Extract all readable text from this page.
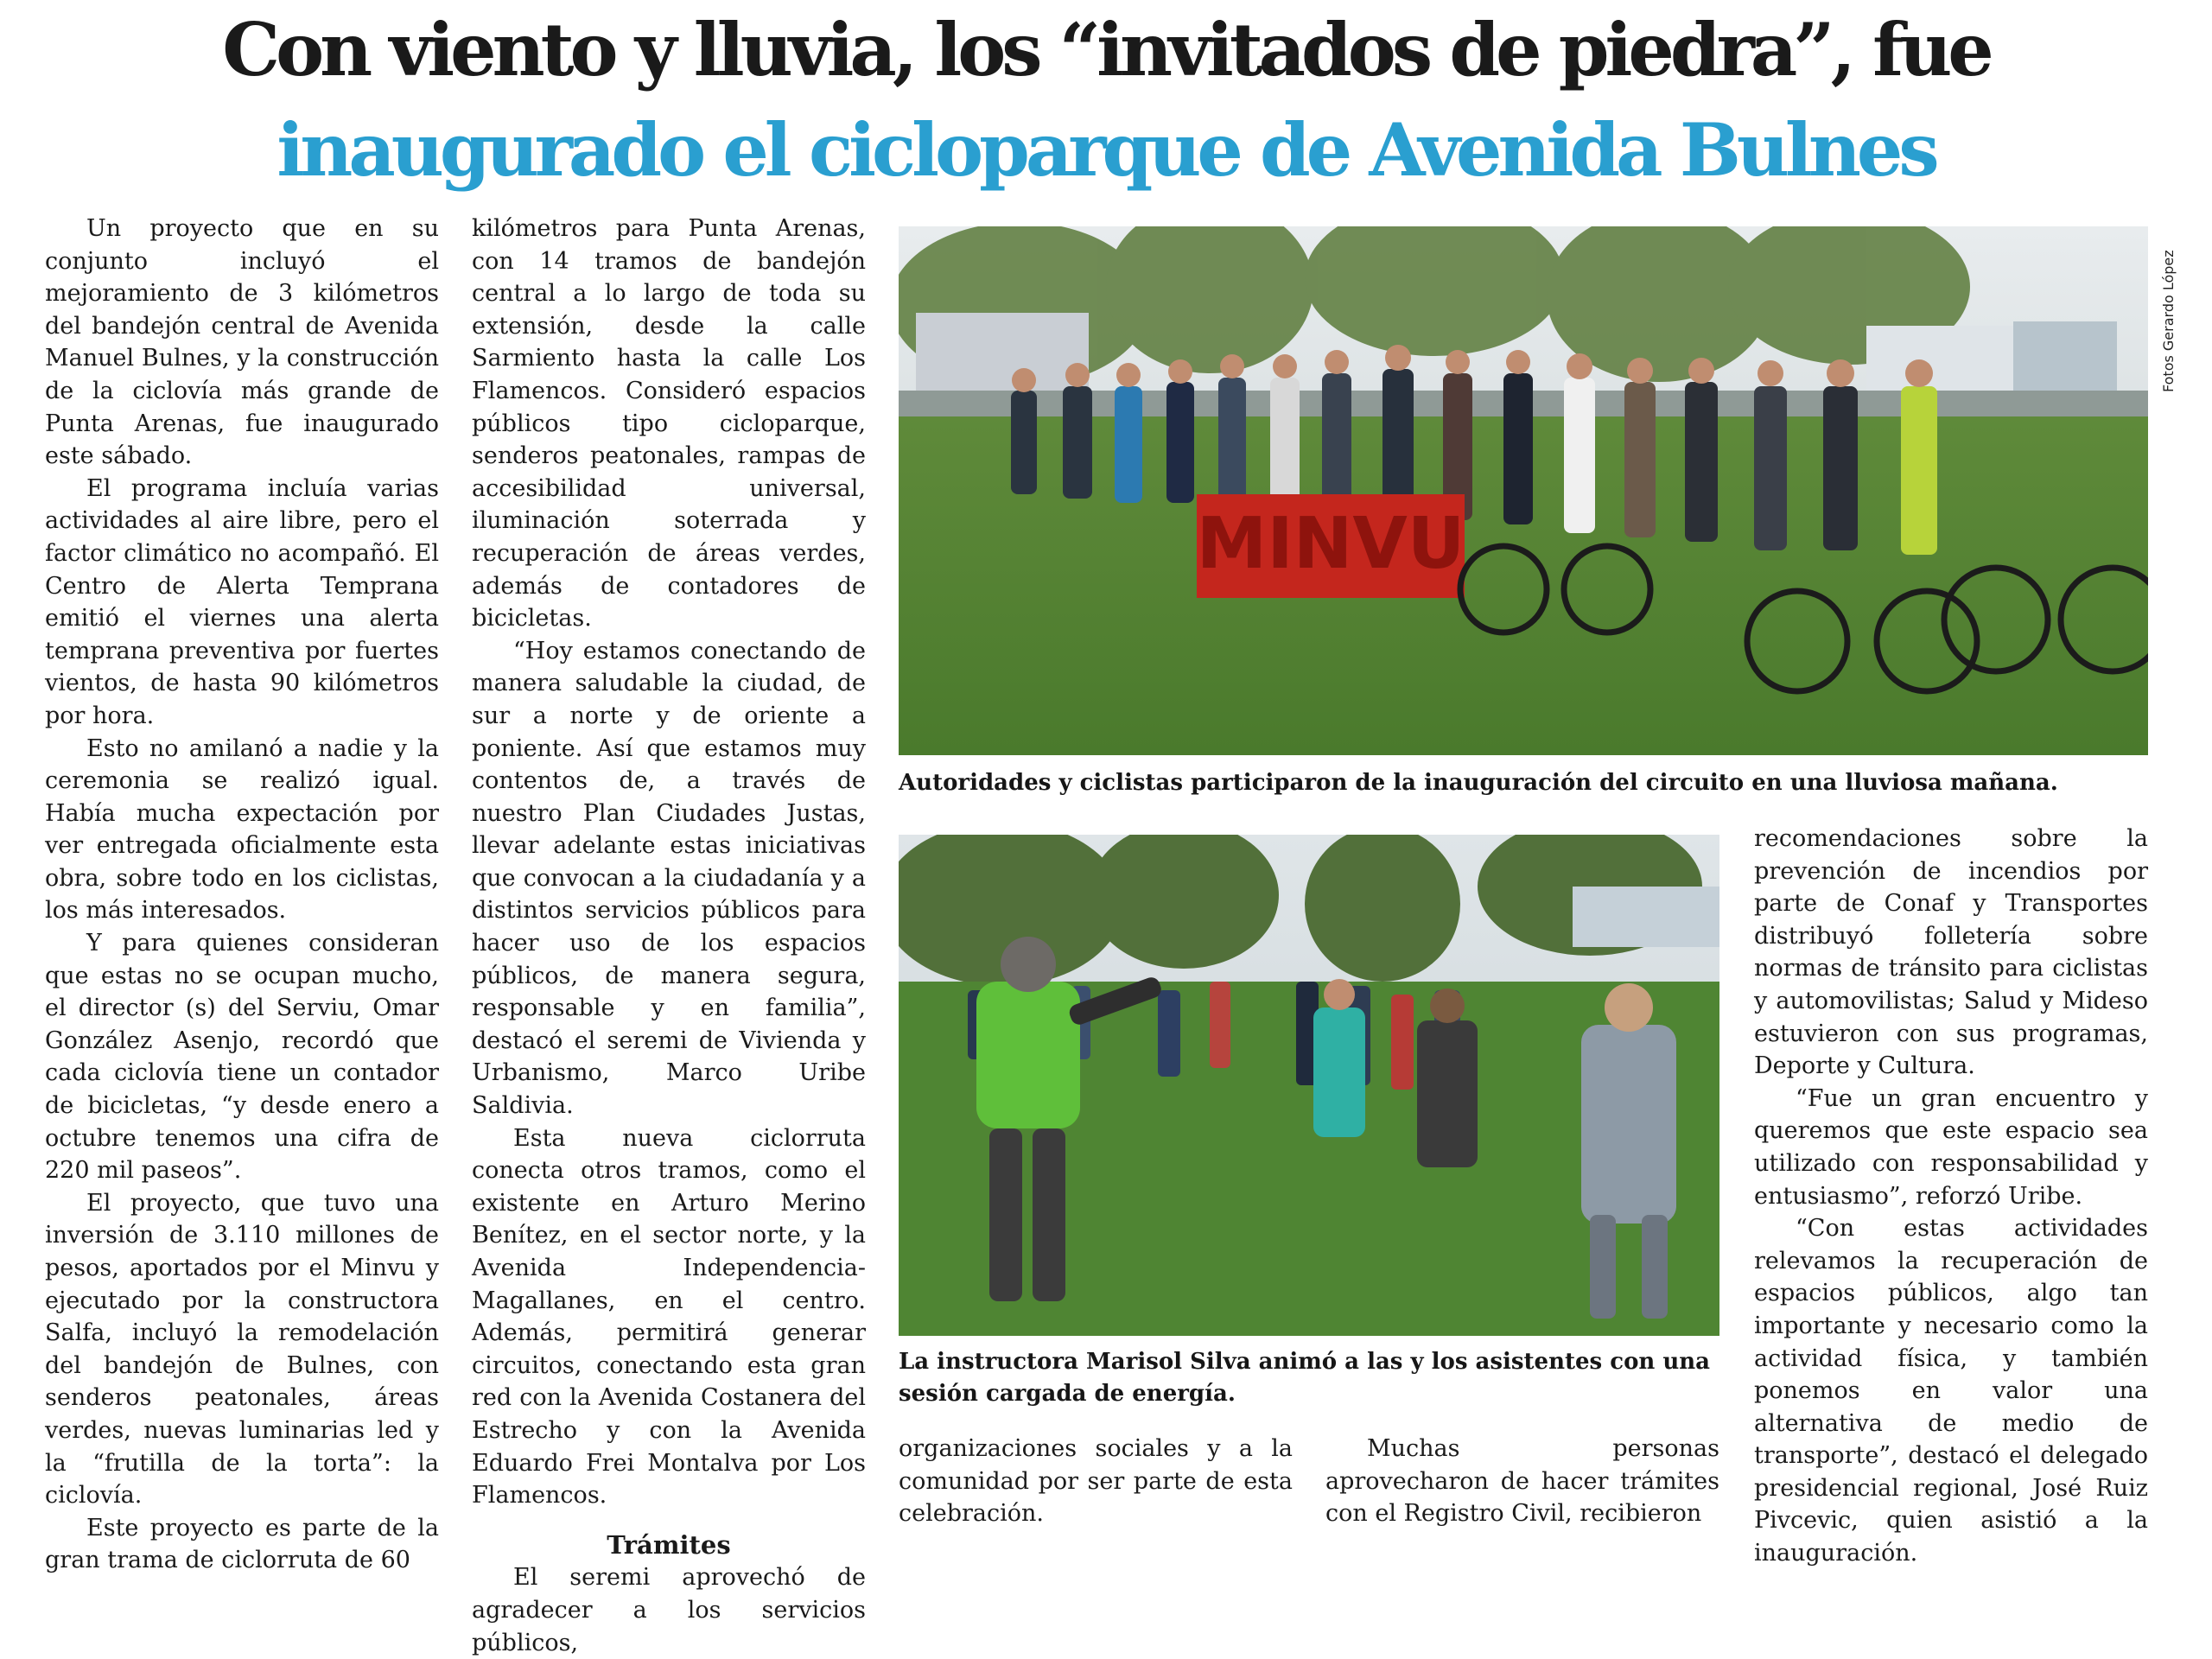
Con viento y lluvia, los “invitados de piedra”, fue
inaugurado el cicloparque de Avenida Bulnes

Un proyecto que en su conjunto incluyó el mejoramiento de 3 kilómetros del bandejón central de Avenida Manuel Bulnes, y la construcción de la ciclovía más grande de Punta Arenas, fue inaugurado este sábado.

El programa incluía varias actividades al aire libre, pero el factor climático no acompañó. El Centro de Alerta Temprana emitió el viernes una alerta temprana preventiva por fuertes vientos, de hasta 90 kilómetros por hora.

Esto no amilanó a nadie y la ceremonia se realizó igual. Había mucha expectación por ver entregada oficialmente esta obra, sobre todo en los ciclistas, los más interesados.

Y para quienes consideran que estas no se ocupan mucho, el director (s) del Serviu, Omar González Asenjo, recordó que cada ciclovía tiene un contador de bicicletas, “y desde enero a octubre tenemos una cifra de 220 mil paseos”.

El proyecto, que tuvo una inversión de 3.110 millones de pesos, aportados por el Minvu y ejecutado por la constructora Salfa, incluyó la remodelación del bandejón de Bulnes, con senderos peatonales, áreas verdes, nuevas luminarias led y la “frutilla de la torta”: la ciclovía.

Este proyecto es parte de la gran trama de ciclorruta de 60

kilómetros para Punta Arenas, con 14 tramos de bandejón central a lo largo de toda su extensión, desde la calle Sarmiento hasta la calle Los Flamencos. Consideró espacios públicos tipo cicloparque, senderos peatonales, rampas de accesibilidad universal, iluminación soterrada y recuperación de áreas verdes, además de contadores de bicicletas.

“Hoy estamos conectando de manera saludable la ciudad, de sur a norte y de oriente a poniente. Así que estamos muy contentos de, a través de nuestro Plan Ciudades Justas, llevar adelante estas iniciativas que convocan a la ciudadanía y a distintos servicios públicos para hacer uso de los espacios públicos, de manera segura, responsable y en familia”, destacó el seremi de Vivienda y Urbanismo, Marco Uribe Saldivia.

Esta nueva ciclorruta conecta otros tramos, como el existente en Arturo Merino Benítez, en el sector norte, y la Avenida Independencia-Magallanes, en el centro. Además, permitirá generar circuitos, conectando esta gran red con la Avenida Costanera del Estrecho y con la Avenida Eduardo Frei Montalva por Los Flamencos.

Trámites

El seremi aprovechó de agradecer a los servicios públicos,

MINVU
Fotos Gerardo López
Autoridades y ciclistas participaron de la inauguración del circuito en una lluviosa mañana.
La instructora Marisol Silva animó a las y los asistentes con una sesión cargada de energía.

organizaciones sociales y a la comunidad por ser parte de esta celebración.

Muchas personas aprovecharon de hacer trámites con el Registro Civil, recibieron

recomendaciones sobre la prevención de incendios por parte de Conaf y Transportes distribuyó folletería sobre normas de tránsito para ciclistas y automovilistas; Salud y Mideso estuvieron con sus programas, Deporte y Cultura.

“Fue un gran encuentro y queremos que este espacio sea utilizado con responsabilidad y entusiasmo”, reforzó Uribe.

“Con estas actividades relevamos la recuperación de espacios públicos, algo tan importante y necesario como la actividad física, y también ponemos en valor una alternativa de medio de transporte”, destacó el delegado presidencial regional, José Ruiz Pivcevic, quien asistió a la inauguración.
